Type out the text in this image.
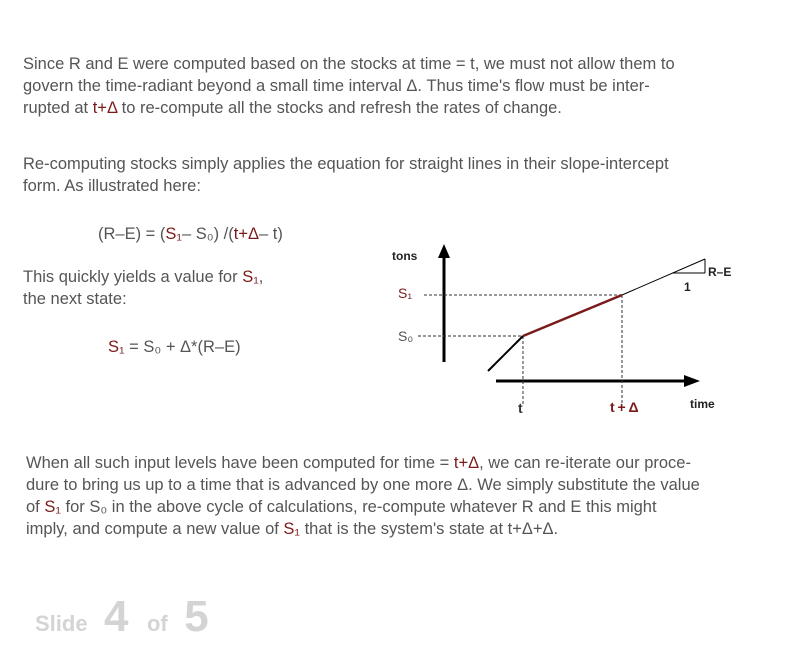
Since R and E were computed based on the stocks at time = t, we must not allow them to
govern the time-radiant beyond a small time interval Δ. Thus time's flow must be inter-
rupted at t+Δ to re-compute all the stocks and refresh the rates of change.
Re-computing stocks simply applies the equation for straight lines in their slope-intercept
form. As illustrated here:
(R–E) = (S₁– S₀) /(t+Δ– t)
This quickly yields a value for S₁,
the next state:
S₁ = S₀ + Δ*(R–E)
tons
S₁
S₀
R–E
1
t	t + Δ	time
When all such input levels have been computed for time = t+Δ, we can re-iterate our proce-
dure to bring us up to a time that is advanced by one more Δ. We simply substitute the value
of S₁ for S₀ in the above cycle of calculations, re-compute whatever R and E this might
imply, and compute a new value of S₁ that is the system's state at t+Δ+Δ.
Slide 4 of 5
